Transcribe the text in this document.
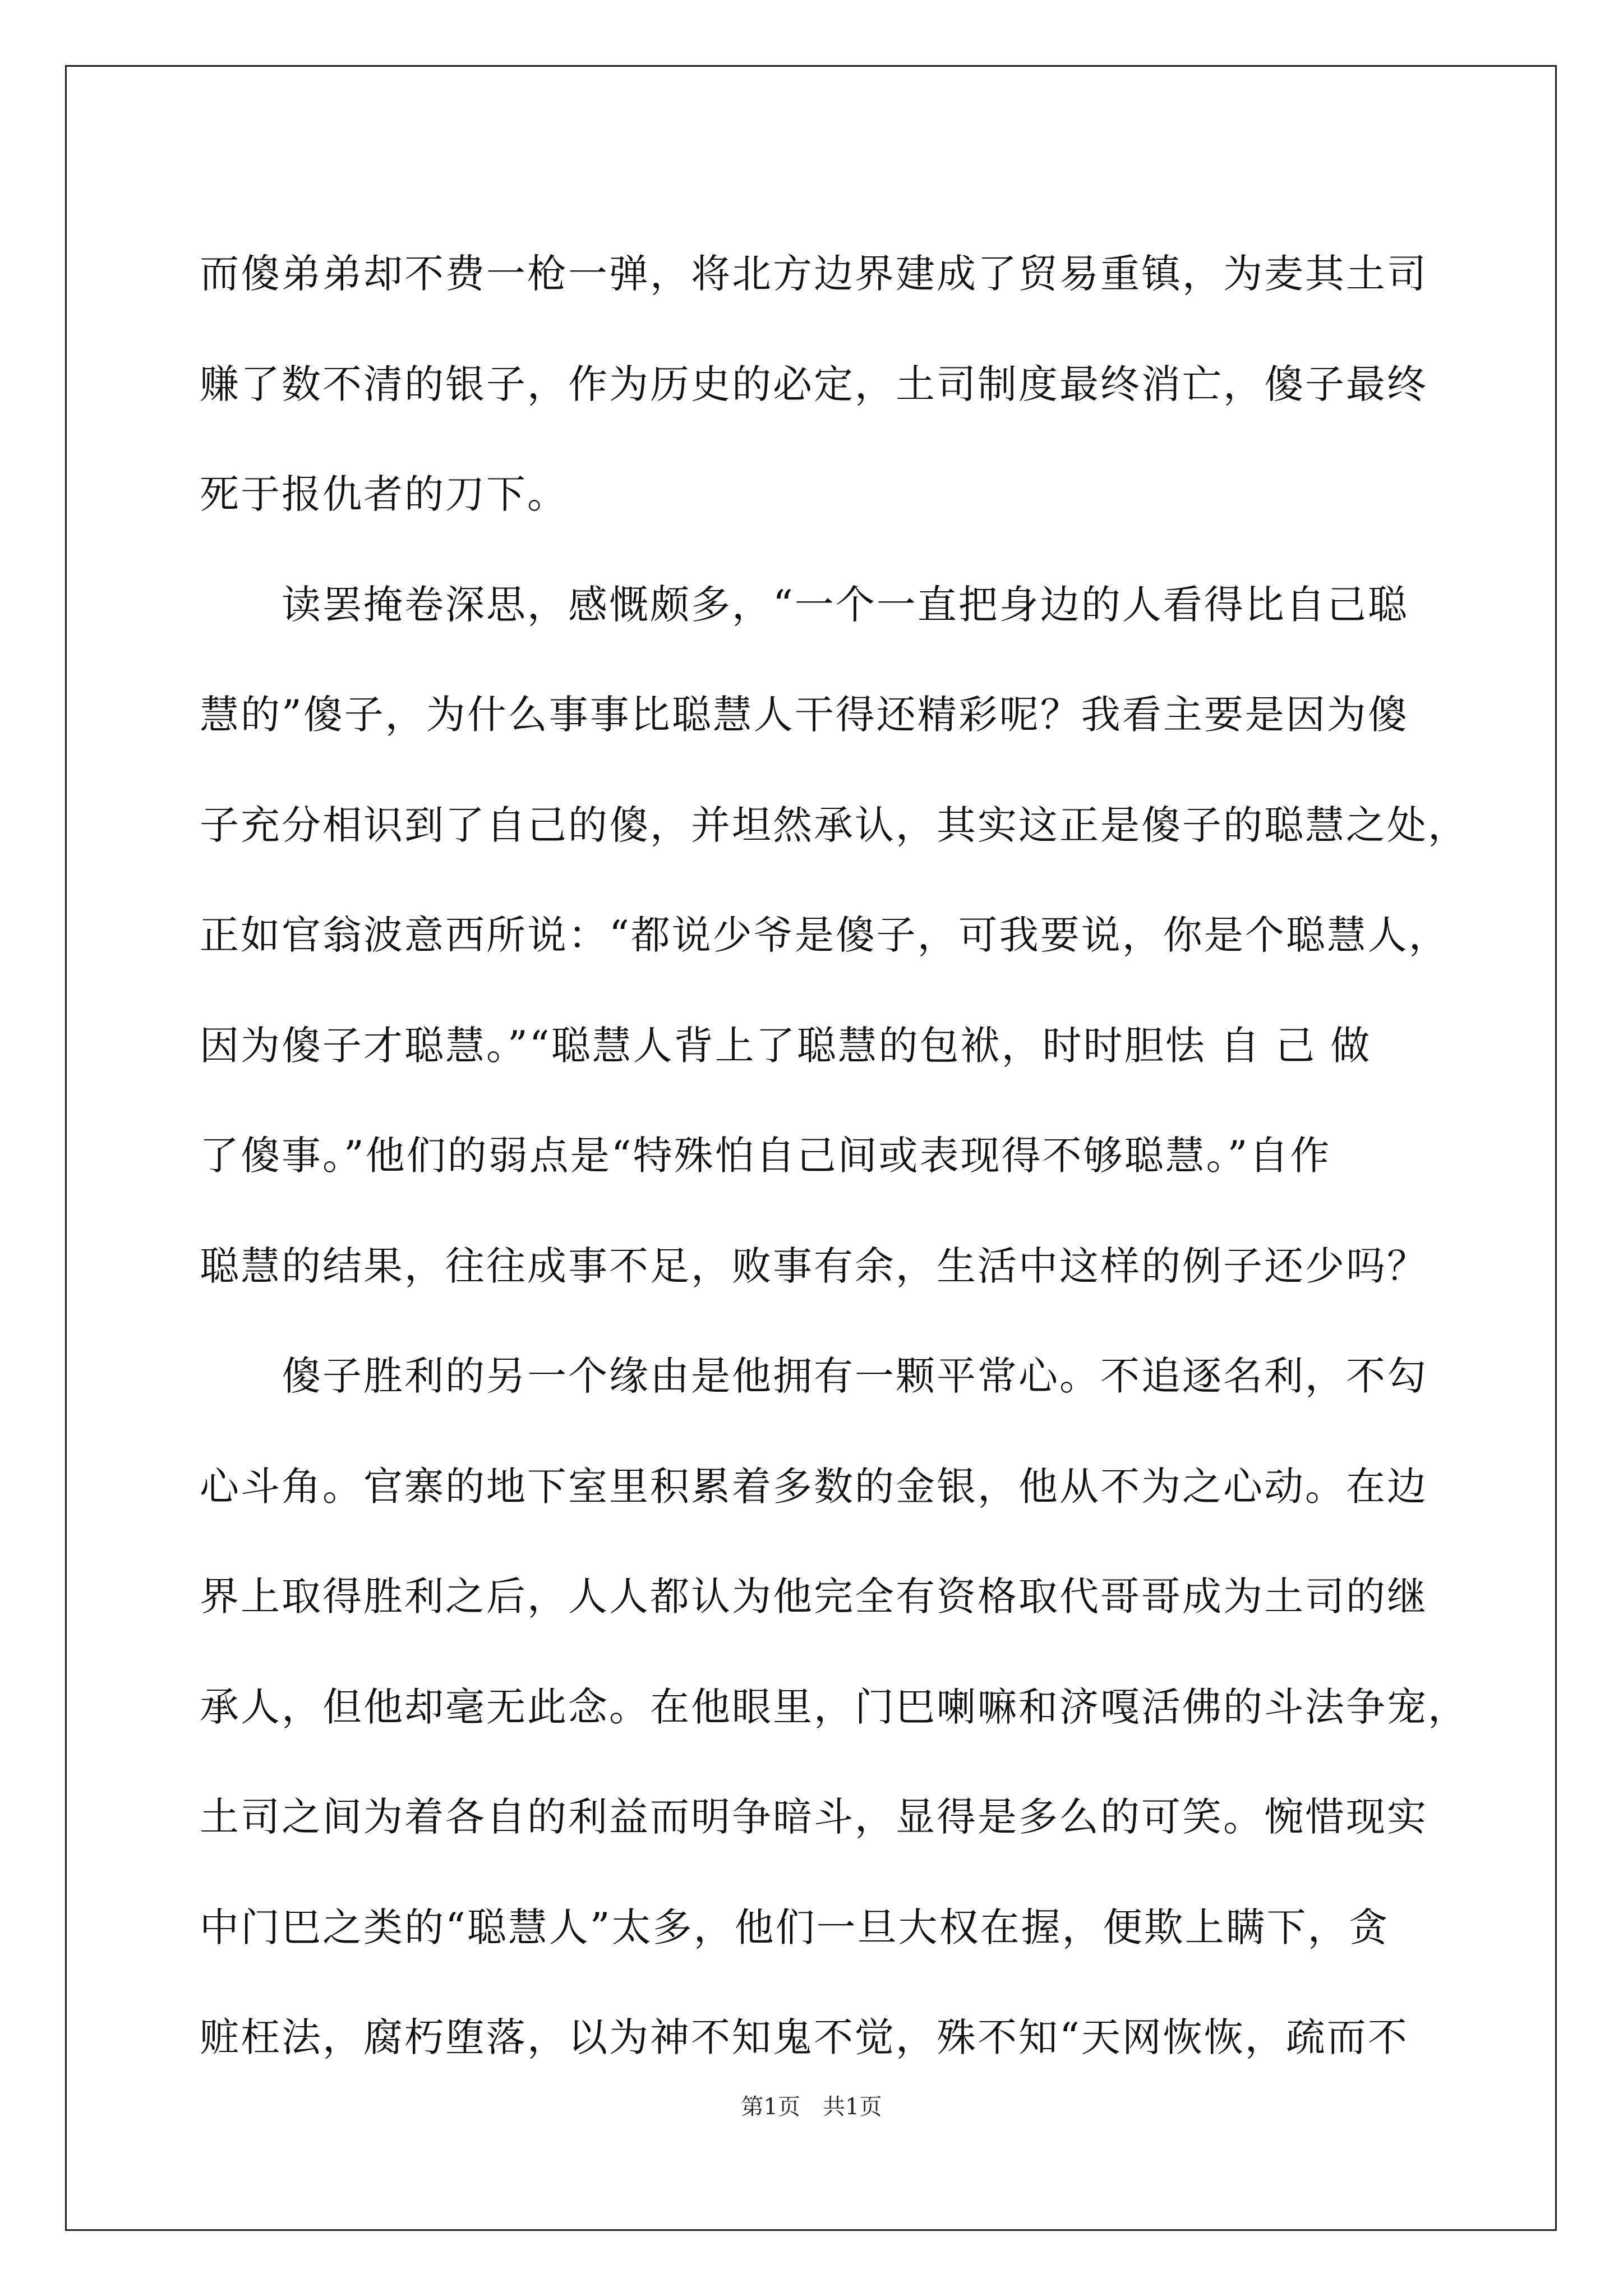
而傻弟弟却不费一枪一弹，将北方边界建成了贸易重镇，为麦其土司
赚了数不清的银子，作为历史的必定，土司制度最终消亡，傻子最终
死于报仇者的刀下。
　　读罢掩卷深思，感慨颇多，“一个一直把身边的人看得比自己聪
慧的”傻子，为什么事事比聪慧人干得还精彩呢？我看主要是因为傻
子充分相识到了自己的傻，并坦然承认，其实这正是傻子的聪慧之处，
正如官翁波意西所说：“都说少爷是傻子，可我要说，你是个聪慧人，
因为傻子才聪慧。”“聪慧人背上了聪慧的包袱，时时胆怯 自 己 做
了傻事。”他们的弱点是“特殊怕自己间或表现得不够聪慧。”自作
聪慧的结果，往往成事不足，败事有余，生活中这样的例子还少吗？
　　傻子胜利的另一个缘由是他拥有一颗平常心。不追逐名利，不勾
心斗角。官寨的地下室里积累着多数的金银，他从不为之心动。在边
界上取得胜利之后，人人都认为他完全有资格取代哥哥成为土司的继
承人，但他却毫无此念。在他眼里，门巴喇嘛和济嘎活佛的斗法争宠，
土司之间为着各自的利益而明争暗斗，显得是多么的可笑。惋惜现实
中门巴之类的“聪慧人”太多，他们一旦大权在握，便欺上瞒下，贪
赃枉法，腐朽堕落，以为神不知鬼不觉，殊不知“天网恢恢，疏而不
第1页　共1页
